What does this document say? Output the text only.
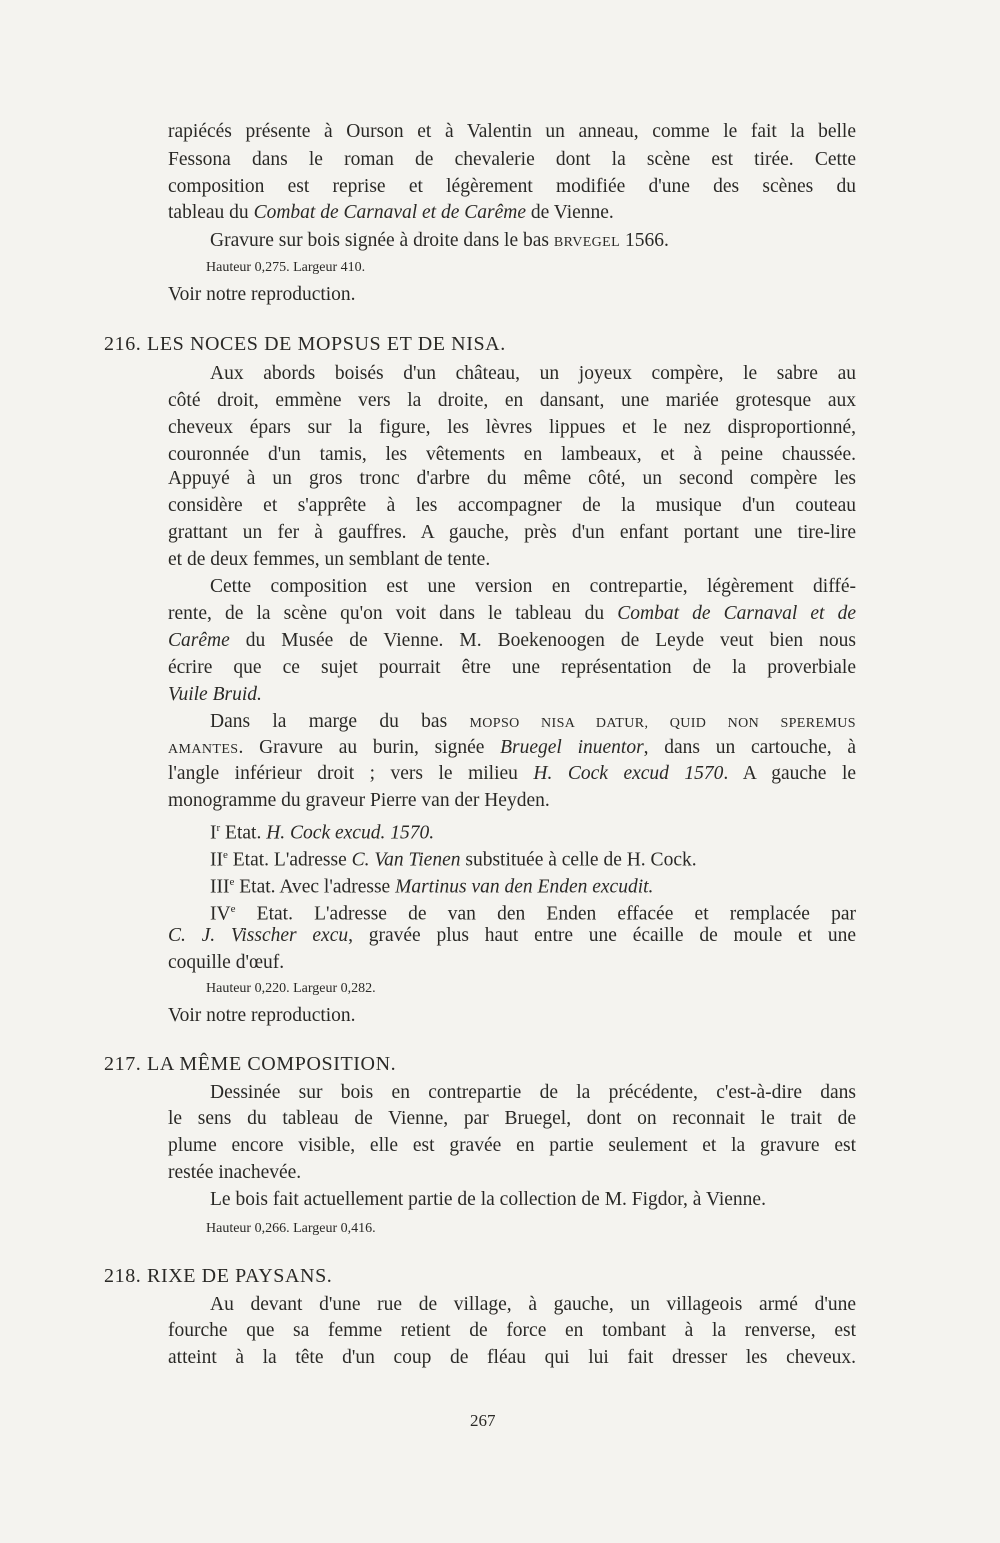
rapiécés présente à Ourson et à Valentin un anneau, comme le fait la belle
Fessona dans le roman de chevalerie dont la scène est tirée. Cette
composition est reprise et légèrement modifiée d'une des scènes du
tableau du Combat de Carnaval et de Carême de Vienne.
Gravure sur bois signée à droite dans le bas BRVEGEL 1566.
Hauteur 0,275. Largeur 410.
Voir notre reproduction.
Aux abords boisés d'un château, un joyeux compère, le sabre au
côté droit, emmène vers la droite, en dansant, une mariée grotesque aux
cheveux épars sur la figure, les lèvres lippues et le nez disproportionné,
couronnée d'un tamis, les vêtements en lambeaux, et à peine chaussée.
Appuyé à un gros tronc d'arbre du même côté, un second compère les
considère et s'apprête à les accompagner de la musique d'un couteau
grattant un fer à gauffres. A gauche, près d'un enfant portant une tire-lire
et de deux femmes, un semblant de tente.
Cette composition est une version en contrepartie, légèrement diffé-
rente, de la scène qu'on voit dans le tableau du Combat de Carnaval et de
Carême du Musée de Vienne. M. Boekenoogen de Leyde veut bien nous
écrire que ce sujet pourrait être une représentation de la proverbiale
Vuile Bruid.
Dans la marge du bas MOPSO NISA DATUR, QUID NON SPEREMUS
AMANTES. Gravure au burin, signée Bruegel inuentor, dans un cartouche, à
l'angle inférieur droit ; vers le milieu H. Cock excud 1570. A gauche le
monogramme du graveur Pierre van der Heyden.
$I^r$ Etat. H. Cock excud. 1570.
IIe Etat. L'adresse C. Van Tienen substituée à celle de H. Cock.
IIIe Etat. Avec l'adresse Martinus van den Enden excudit.
IVe Etat. L'adresse de van den Enden effacée et remplacée par
C. J. Visscher excu, gravée plus haut entre une écaille de moule et une
coquille d'œuf.
Hauteur 0,220. Largeur 0,282.
Voir notre reproduction.
Dessinée sur bois en contrepartie de la précédente, c'est-à-dire dans
le sens du tableau de Vienne, par Bruegel, dont on reconnait le trait de
plume encore visible, elle est gravée en partie seulement et la gravure est
restée inachevée.
Le bois fait actuellement partie de la collection de M. Figdor, à Vienne.
Hauteur 0,266. Largeur 0,416.
Au devant d'une rue de village, à gauche, un villageois armé d'une
fourche que sa femme retient de force en tombant à la renverse, est
atteint à la tête d'un coup de fléau qui lui fait dresser les cheveux.
216. LES NOCES DE MOPSUS ET DE NISA.
217. LA MÊME COMPOSITION.
218. RIXE DE PAYSANS.
267
